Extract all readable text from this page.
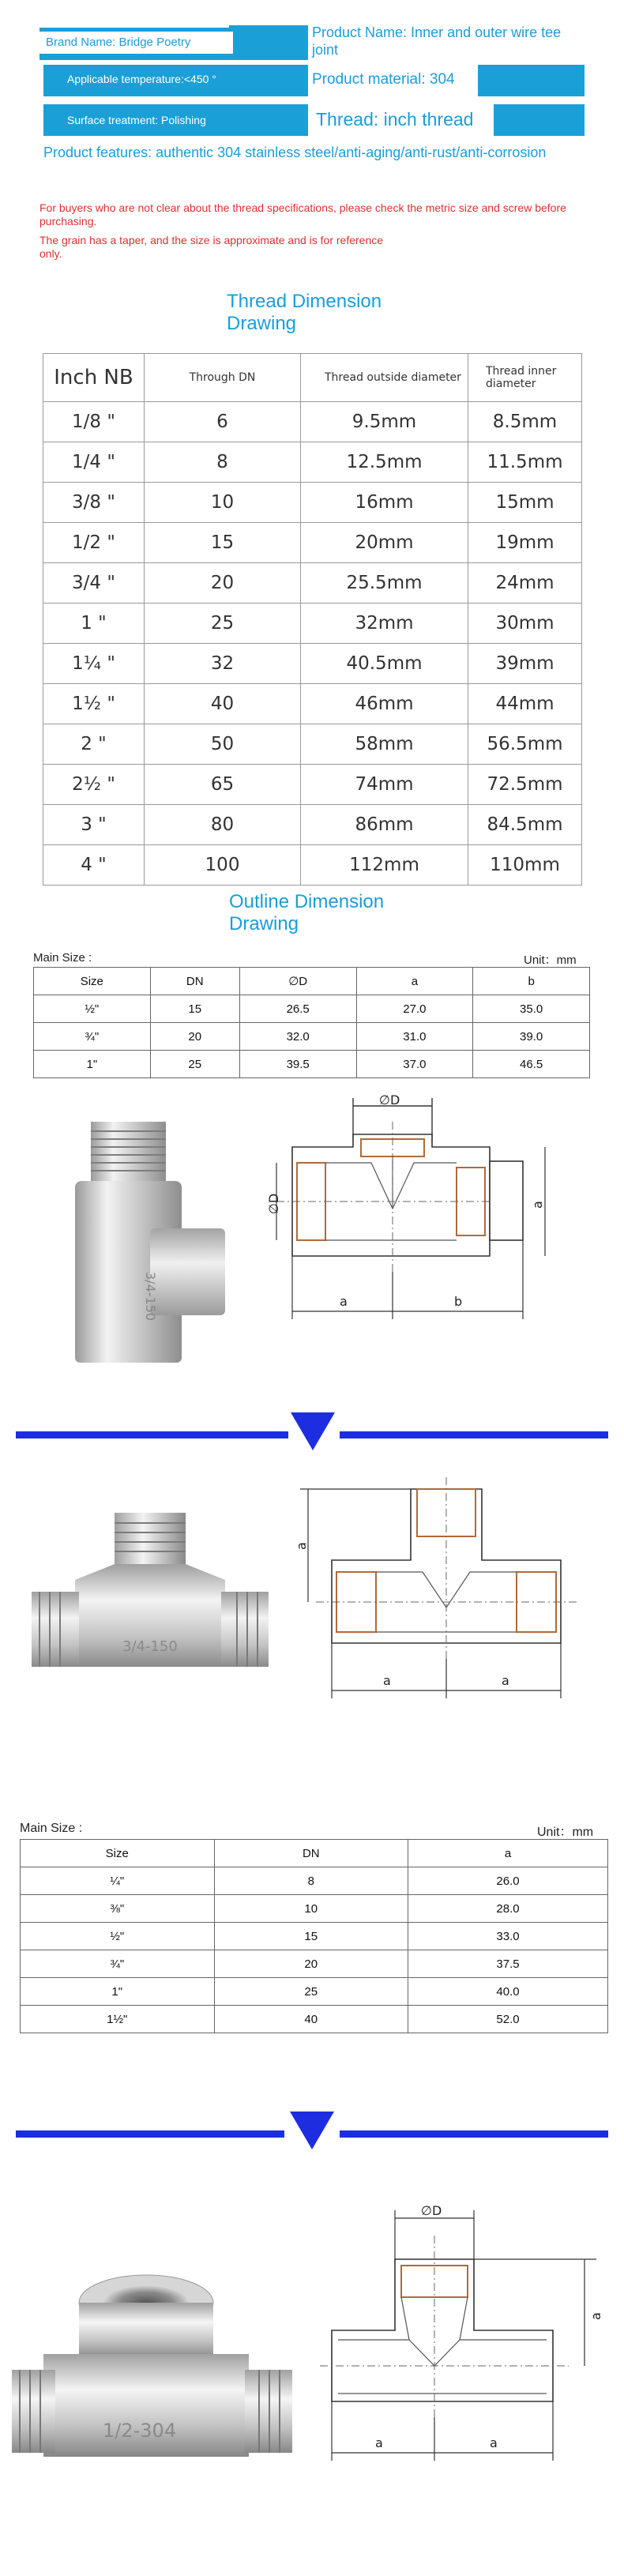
Brand Name: Bridge Poetry
Product Name: Inner and outer wire tee joint
Applicable temperature:<450 °	Product material: 304
Surface treatment: Polishing	Thread: inch thread
Product features: authentic 304 stainless steel/anti-aging/anti-rust/anti-corrosion
For buyers who are not clear about the thread specifications, please check the metric size and screw before purchasing.
The grain has a taper, and the size is approximate and is for reference only.
Thread Dimension Drawing
Inch NB	Through DN	Thread outside diameter	Thread inner diameter
1/8 "	6	9.5mm	8.5mm
1/4 "	8	12.5mm	11.5mm
3/8 "	10	16mm	15mm
1/2 "	15	20mm	19mm
3/4 "	20	25.5mm	24mm
1 "	25	32mm	30mm
1¼ "	32	40.5mm	39mm
1½ "	40	46mm	44mm
2 "	50	58mm	56.5mm
2½ "	65	74mm	72.5mm
3 "	80	86mm	84.5mm
4 "	100	112mm	110mm
Outline Dimension Drawing
Main Size :	Unit：mm
Size	DN	∅D	a	b
½"	15	26.5	27.0	35.0
¾"	20	32.0	31.0	39.0
1"	25	39.5	37.0	46.5
3/4-150
∅D
a
∅D
a	b
3/4-150
a
a	a
Main Size :	Unit：mm
Size	DN	a
¼"	8	26.0
⅜"	10	28.0
½"	15	33.0
¾"	20	37.5
1"	25	40.0
1½"	40	52.0
1/2-304
∅D
a
a	a
